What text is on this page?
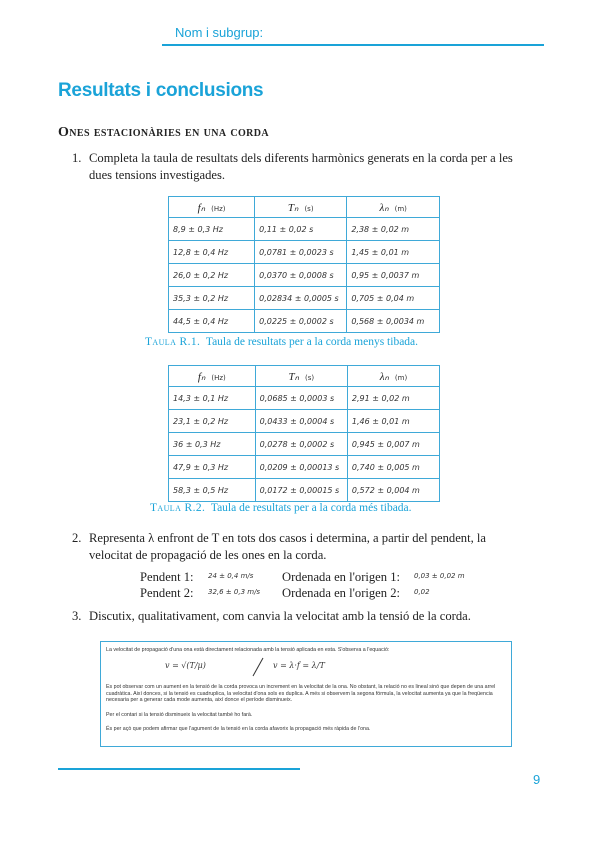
Nom i subgrup:
Resultats i conclusions
Ones estacionàries en una corda
1. Completa la taula de resultats dels diferents harmònics generats en la corda per a les
dues tensions investigades.
fₙ (Hz)	Tₙ (s)	λₙ (m)
8,9 ± 0,3 Hz	0,11 ± 0,02 s	2,38 ± 0,02 m
12,8 ± 0,4 Hz	0,0781 ± 0,0023 s	1,45 ± 0,01 m
26,0 ± 0,2 Hz	0,0370 ± 0,0008 s	0,95 ± 0,0037 m
35,3 ± 0,2 Hz	0,02834 ± 0,0005 s	0,705 ± 0,04 m
44,5 ± 0,4 Hz	0,0225 ± 0,0002 s	0,568 ± 0,0034 m
Taula R.1. Taula de resultats per a la corda menys tibada.
fₙ (Hz)	Tₙ (s)	λₙ (m)
14,3 ± 0,1 Hz	0,0685 ± 0,0003 s	2,91 ± 0,02 m
23,1 ± 0,2 Hz	0,0433 ± 0,0004 s	1,46 ± 0,01 m
36 ± 0,3 Hz	0,0278 ± 0,0002 s	0,945 ± 0,007 m
47,9 ± 0,3 Hz	0,0209 ± 0,00013 s	0,740 ± 0,005 m
58,3 ± 0,5 Hz	0,0172 ± 0,00015 s	0,572 ± 0,004 m
Taula R.2. Taula de resultats per a la corda més tibada.
2. Representa λ enfront de T en tots dos casos i determina, a partir del pendent, la
velocitat de propagació de les ones en la corda.
Pendent 1: 24 ± 0,4 m/s Ordenada en l'origen 1: 0,03 ± 0,02 m
Pendent 2: 32,6 ± 0,3 m/s Ordenada en l'origen 2: 0,02
3. Discutix, qualitativament, com canvia la velocitat amb la tensió de la corda.
La velocitat de propagació d'una ona està directament relacionada amb la tensió aplicada en esta. S'observa a l'equació:
v = √(T/μ)	v = λ·f = λ/T
Es pot observar com un aument en la tensió de la corda provoca un increment en la velocitat de la ona. No obstant, la relació no es lineal sinó que depen de una arrel cuadràtica. Així donces, si la tensió es cuadruplica, la velocitat d'ona sols es duplica. A més si observem la segona fórmula, la velocitat aumenta ya que la freqüencia necesaria per a generar cada mode aumenta, així donce el període disminueix.
Per el contari si la tensió disminueix la velocitat també ho farà.
És per açò que podem afirmar que l'agument de la tensió en la corda afavorix la propagació més ràpida de l'ona.
9
